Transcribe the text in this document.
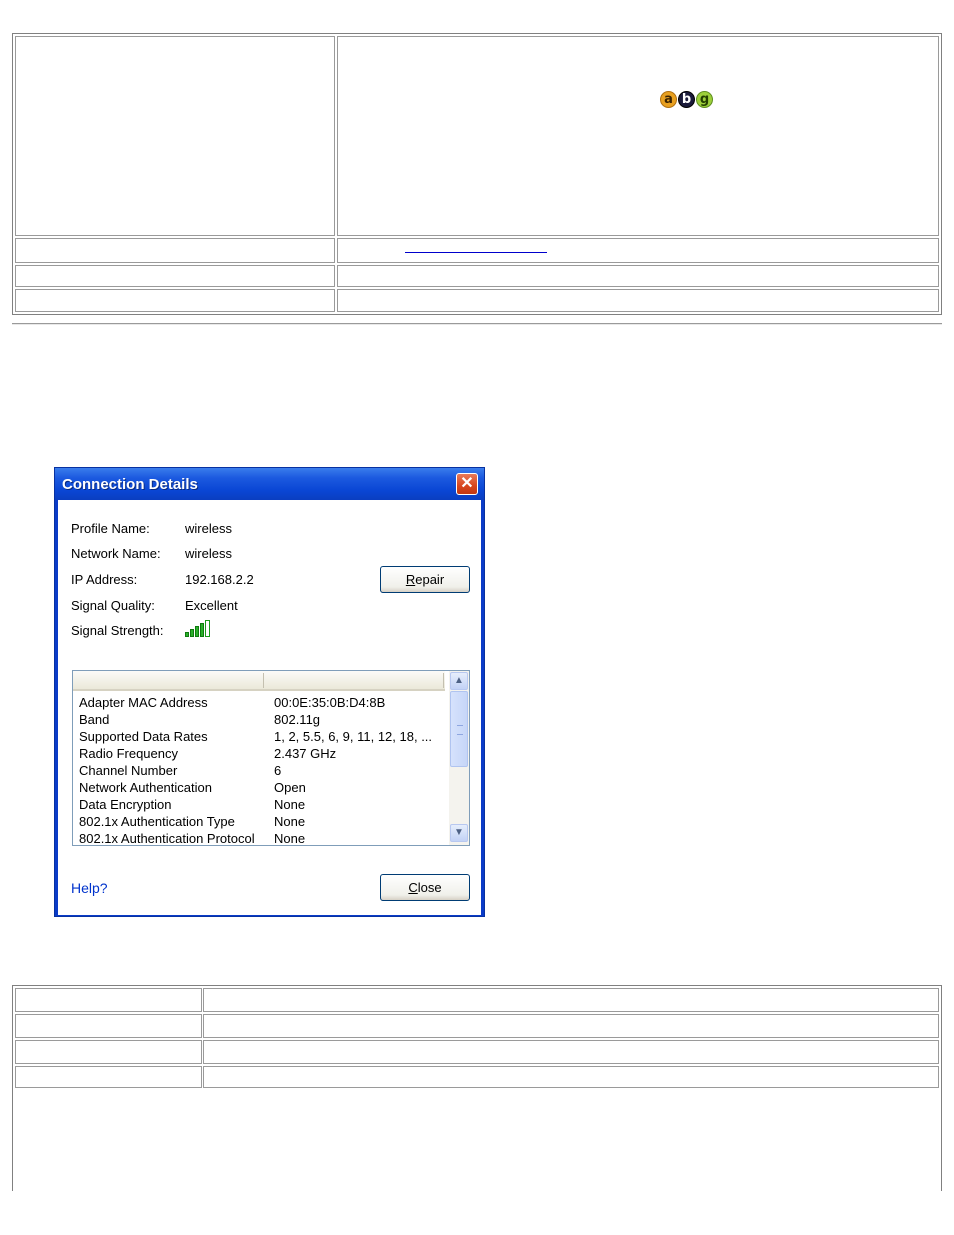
a b g
Connection Details	✕
Profile Name:	wireless
Network Name: wireless
IP Address:	192.168.2.2
Signal Quality: Excellent
Signal Strength:
Repair
Adapter MAC Address	00:0E:35:0B:D4:8B
Band	802.11g
Supported Data Rates	1, 2, 5.5, 6, 9, 11, 12, 18, ...
Radio Frequency	2.437 GHz
Channel Number	6
Network Authentication	Open
Data Encryption	None
802.1x Authentication Type	None
802.1x Authentication Protocol None
▲
▼
Help?	Close
